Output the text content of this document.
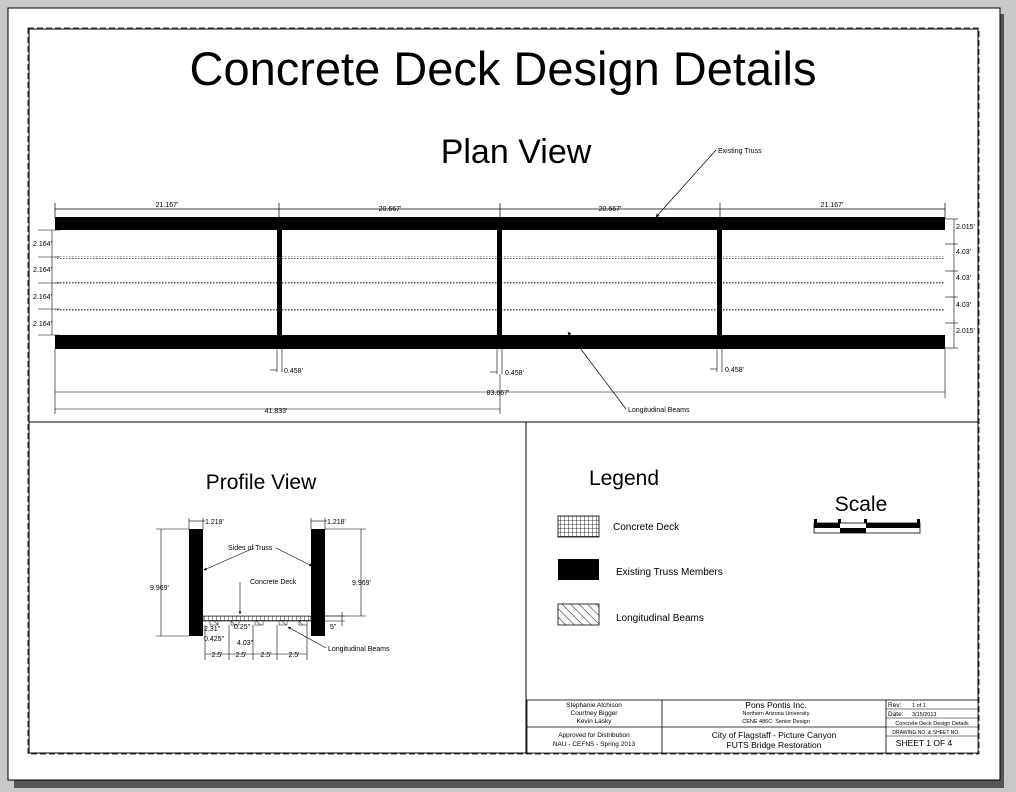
Concrete Deck Design Details
Plan View
21.167'
20.667'	20.667'
21.167'
2.164'
2.164'
2.164'
2.164'
2.015'
4.03'
4.03'
4.03'
2.015'
0.458'	0.458'	0.458'
83.667'
41.833'
Existing Truss
Longitudinal Beams
Profile View
1.218'	1.218'
9.969'
9.969'
5"
Sides of Truss
Concrete Deck
Longitudinal Beams
2.31" 0.25"
0.425"
4.03"
2.5' 2.5' 2.5' 2.5'
Legend
Concrete Deck
Existing Truss Members
Longitudinal Beams
Scale
Stephanie Atchison
Courtney Bigger
Kevin Lasky
Approved for Distribution
NAU - CEFNS - Spring 2013
Pons Pontis Inc.
Northern Arizona University
CENE 486C: Senior Design
City of Flagstaff - Picture Canyon
FUTS Bridge Restoration
Rev: 1 of 1
Date: 3/15/2013
Concrete Deck Design Details
DRAWING NO. & SHEET NO.
SHEET 1 OF 4
